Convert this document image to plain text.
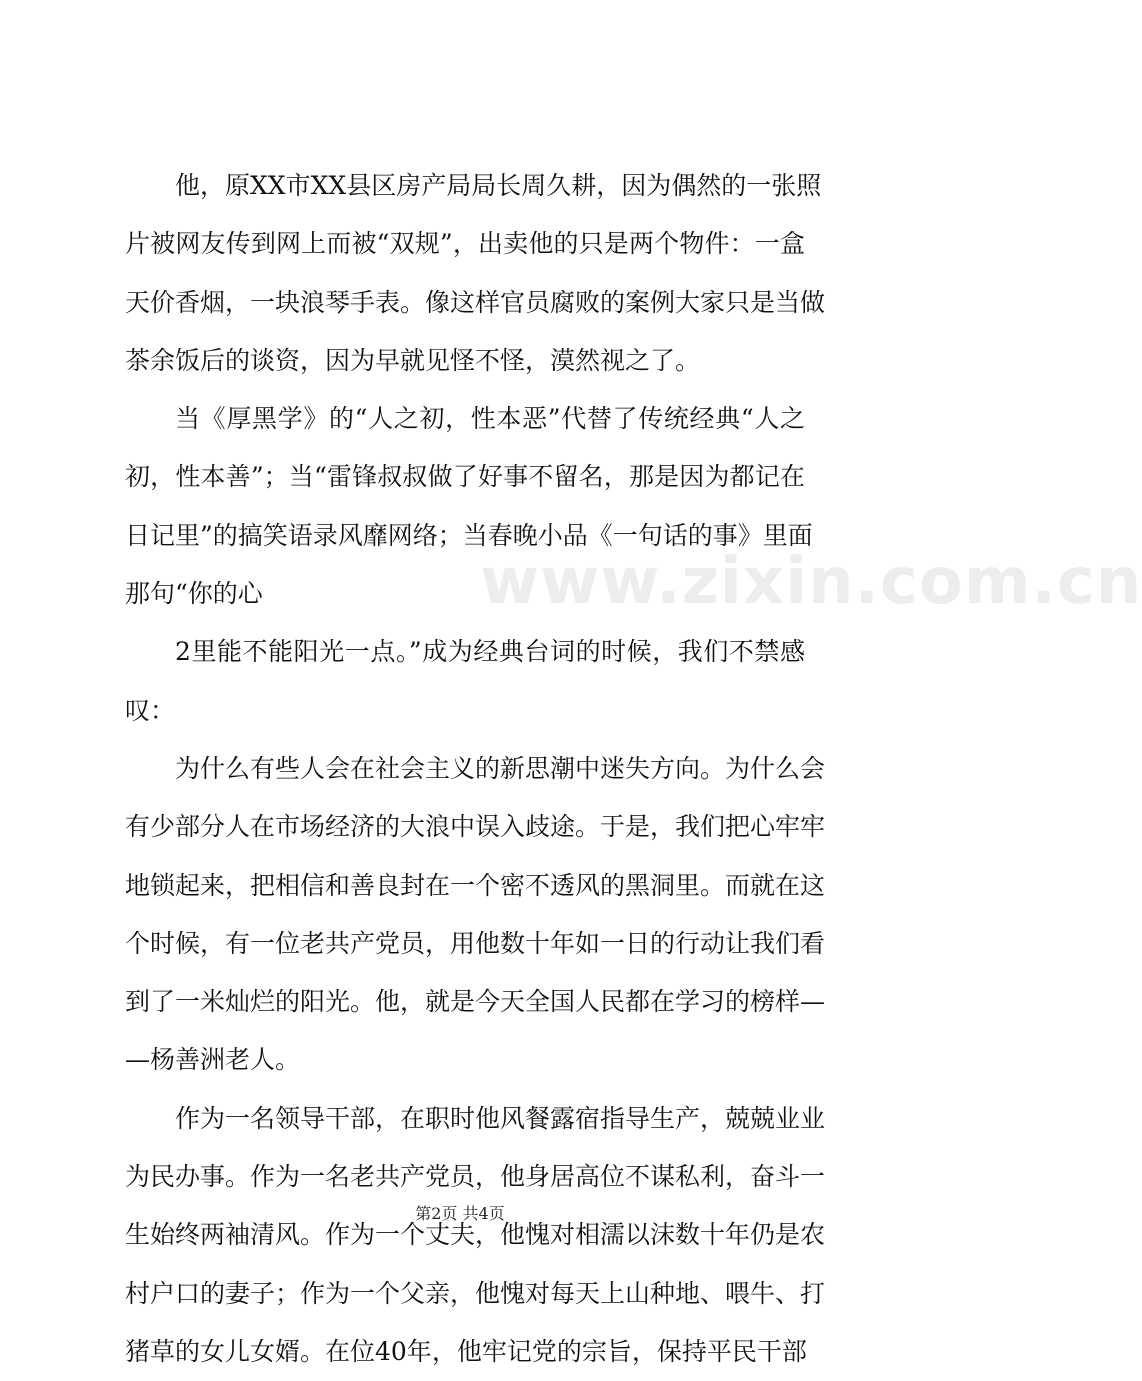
他，原XX市XX县区房产局局长周久耕，因为偶然的一张照
片被网友传到网上而被“双规”，出卖他的只是两个物件：一盒
天价香烟，一块浪琴手表。像这样官员腐败的案例大家只是当做
茶余饭后的谈资，因为早就见怪不怪，漠然视之了。
当《厚黑学》的“人之初，性本恶”代替了传统经典“人之
初，性本善”；当“雷锋叔叔做了好事不留名，那是因为都记在
日记里”的搞笑语录风靡网络；当春晚小品《一句话的事》里面
那句“你的心
2里能不能阳光一点。”成为经典台词的时候，我们不禁感
叹：
为什么有些人会在社会主义的新思潮中迷失方向。为什么会
有少部分人在市场经济的大浪中误入歧途。于是，我们把心牢牢
地锁起来，把相信和善良封在一个密不透风的黑洞里。而就在这
个时候，有一位老共产党员，用他数十年如一日的行动让我们看
到了一米灿烂的阳光。他，就是今天全国人民都在学习的榜样—
—杨善洲老人。
作为一名领导干部，在职时他风餐露宿指导生产，兢兢业业
为民办事。作为一名老共产党员，他身居高位不谋私利，奋斗一
生始终两袖清风。作为一个丈夫，他愧对相濡以沫数十年仍是农
村户口的妻子；作为一个父亲，他愧对每天上山种地、喂牛、打
猪草的女儿女婿。在位40年，他牢记党的宗旨，保持平民干部
www.zixin.com.cn
第2页 共4页
